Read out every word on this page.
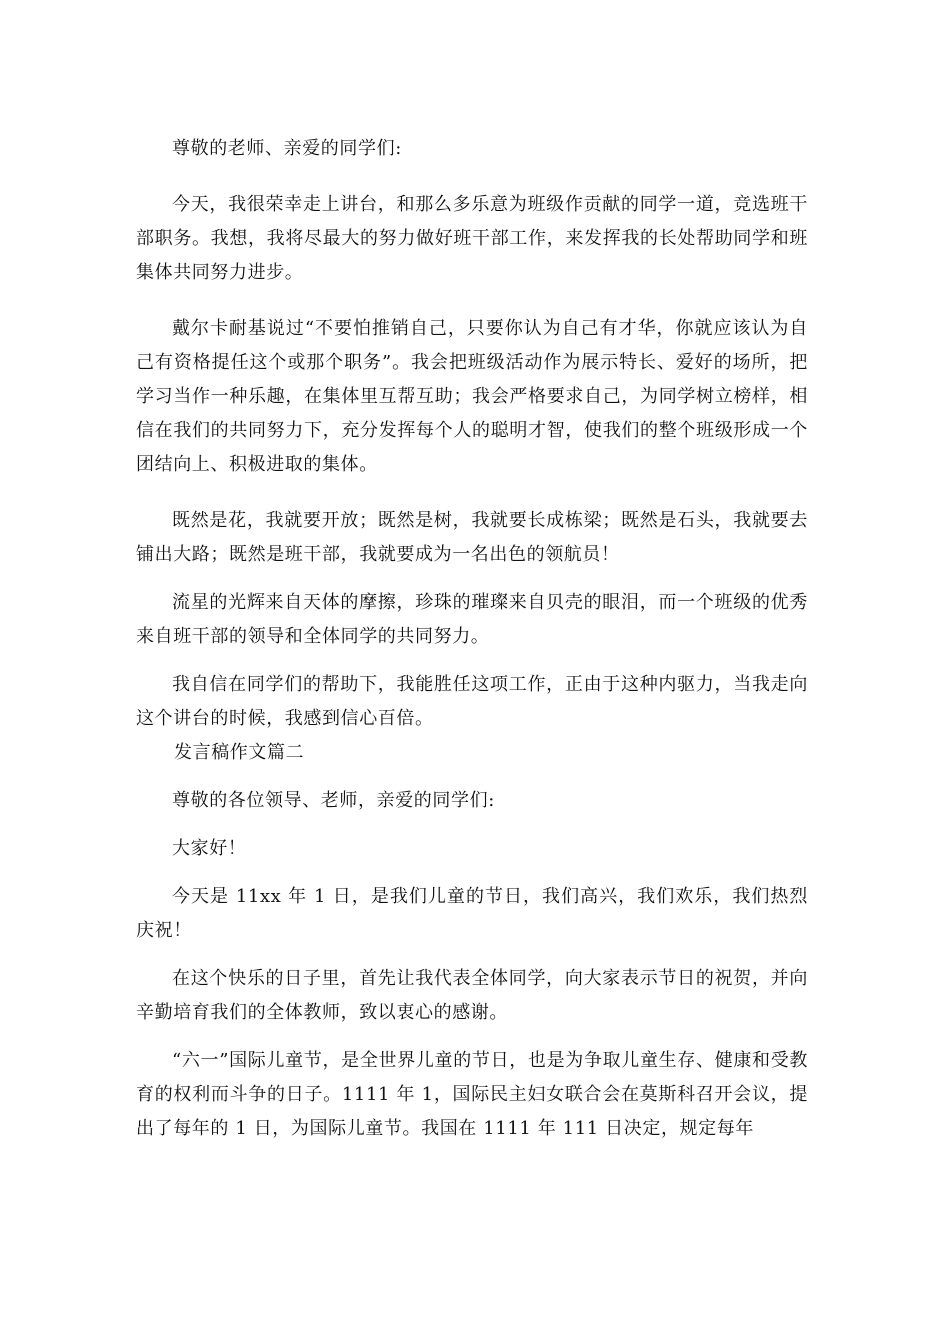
尊敬的老师、亲爱的同学们:

今天，我很荣幸走上讲台，和那么多乐意为班级作贡献的同学一道，竞选班干部职务。我想，我将尽最大的努力做好班干部工作，来发挥我的长处帮助同学和班集体共同努力进步。

戴尔卡耐基说过“不要怕推销自己，只要你认为自己有才华，你就应该认为自己有资格提任这个或那个职务”。我会把班级活动作为展示特长、爱好的场所，把学习当作一种乐趣，在集体里互帮互助；我会严格要求自己，为同学树立榜样，相信在我们的共同努力下，充分发挥每个人的聪明才智，使我们的整个班级形成一个团结向上、积极进取的集体。

既然是花，我就要开放；既然是树，我就要长成栋梁；既然是石头，我就要去铺出大路；既然是班干部，我就要成为一名出色的领航员！

流星的光辉来自天体的摩擦，珍珠的璀璨来自贝壳的眼泪，而一个班级的优秀来自班干部的领导和全体同学的共同努力。

我自信在同学们的帮助下，我能胜任这项工作，正由于这种内驱力，当我走向这个讲台的时候，我感到信心百倍。

发言稿作文篇二

尊敬的各位领导、老师，亲爱的同学们:

大家好！

今天是 11xx 年 1 日，是我们儿童的节日，我们高兴，我们欢乐，我们热烈庆祝！

在这个快乐的日子里，首先让我代表全体同学，向大家表示节日的祝贺，并向辛勤培育我们的全体教师，致以衷心的感谢。

“六一”国际儿童节，是全世界儿童的节日，也是为争取儿童生存、健康和受教育的权利而斗争的日子。1111 年 1，国际民主妇女联合会在莫斯科召开会议，提出了每年的 1 日，为国际儿童节。我国在 1111 年 111 日决定，规定每年
